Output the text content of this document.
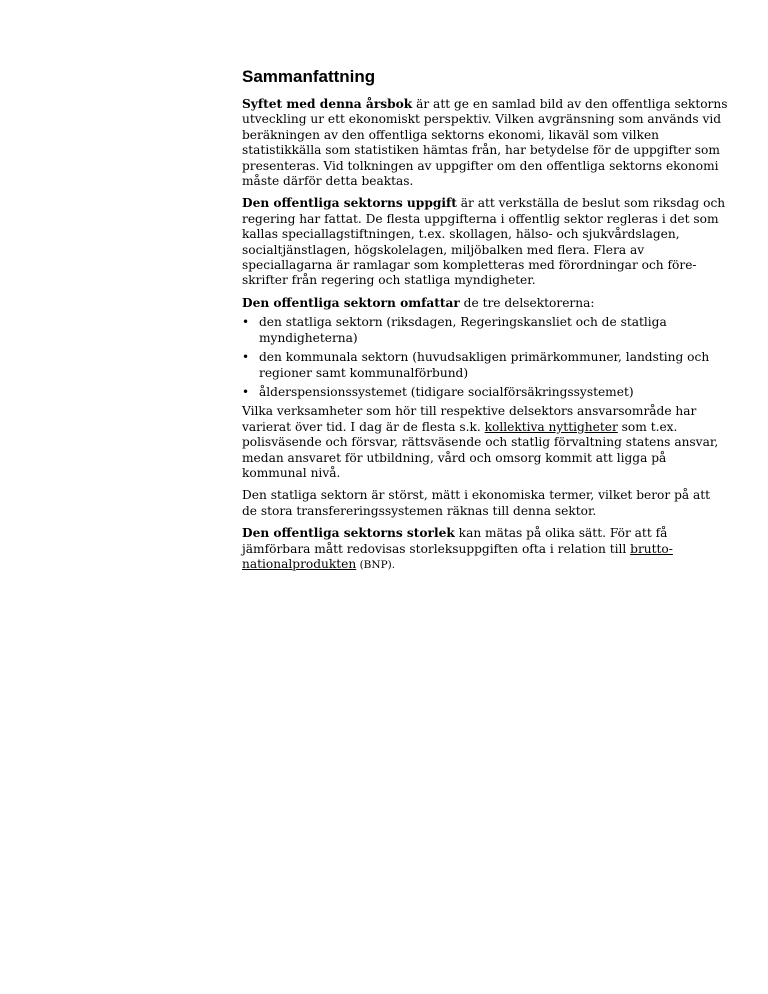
Sammanfattning

Syftet med denna årsbok är att ge en samlad bild av den offentliga sektorns utveckling ur ett ekonomiskt perspektiv. Vilken avgränsning som används vid beräkningen av den offentliga sektorns ekonomi, likaväl som vilken statistikkälla som statistiken hämtas från, har betydelse för de uppgifter som presenteras. Vid tolkningen av uppgifter om den offentliga sektorns ekonomi måste därför detta beaktas.

Den offentliga sektorns uppgift är att verkställa de beslut som riksdag och regering har fattat. De flesta uppgifterna i offentlig sektor regleras i det som kallas speciallagstiftningen, t.ex. skollagen, hälso- och sjukvårdslagen, socialtjänstlagen, högskolelagen, miljöbalken med flera. Flera av speciallagarna är ramlagar som kompletteras med förordningar och före-skrifter från regering och statliga myndigheter.

Den offentliga sektorn omfattar de tre delsektorerna:

• den statliga sektorn (riksdagen, Regeringskansliet och de statliga myndigheterna)
• den kommunala sektorn (huvudsakligen primärkommuner, landsting och regioner samt kommunalförbund)
• ålderspensionssystemet (tidigare socialförsäkringssystemet)

Vilka verksamheter som hör till respektive delsektors ansvarsområde har varierat över tid. I dag är de flesta s.k. kollektiva nyttigheter som t.ex. polisväsende och försvar, rättsväsende och statlig förvaltning statens ansvar, medan ansvaret för utbildning, vård och omsorg kommit att ligga på kommunal nivå.

Den statliga sektorn är störst, mätt i ekonomiska termer, vilket beror på att de stora transfereringssystemen räknas till denna sektor.

Den offentliga sektorns storlek kan mätas på olika sätt. För att få jämförbara mått redovisas storleksuppgiften ofta i relation till brutto-nationalprodukten (BNP).
